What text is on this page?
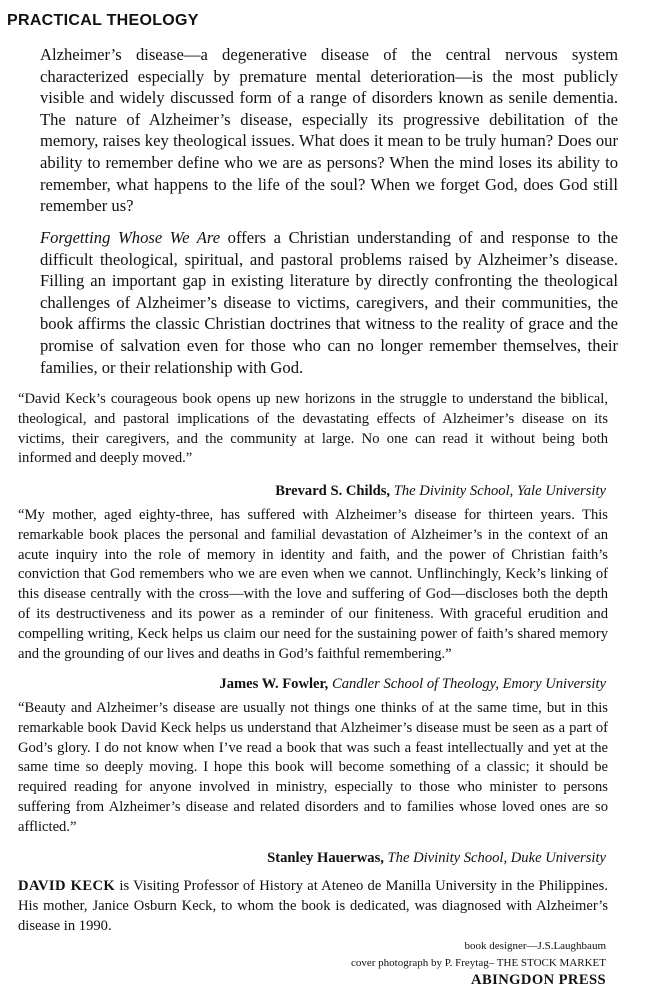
PRACTICAL THEOLOGY

Alzheimer’s disease—a degenerative disease of the central nervous system characterized especially by premature mental deterioration—is the most publicly visible and widely discussed form of a range of disorders known as senile dementia. The nature of Alzheimer’s disease, especially its progressive debilitation of the memory, raises key theological issues. What does it mean to be truly human? Does our ability to remember define who we are as persons? When the mind loses its ability to remember, what happens to the life of the soul? When we forget God, does God still remember us?

Forgetting Whose We Are offers a Christian understanding of and response to the difficult theological, spiritual, and pastoral problems raised by Alzheimer’s disease. Filling an important gap in existing literature by directly confronting the theological challenges of Alzheimer’s disease to victims, caregivers, and their communities, the book affirms the classic Christian doctrines that witness to the reality of grace and the promise of salvation even for those who can no longer remember themselves, their families, or their relationship with God.

“David Keck’s courageous book opens up new horizons in the struggle to understand the biblical, theological, and pastoral implications of the devastating effects of Alzheimer’s disease on its victims, their caregivers, and the community at large. No one can read it without being both informed and deeply moved.”

Brevard S. Childs, The Divinity School, Yale University

“My mother, aged eighty-three, has suffered with Alzheimer’s disease for thirteen years. This remarkable book places the personal and familial devastation of Alzheimer’s in the context of an acute inquiry into the role of memory in identity and faith, and the power of Christian faith’s conviction that God remembers who we are even when we cannot. Unflinchingly, Keck’s linking of this disease centrally with the cross—with the love and suffering of God—discloses both the depth of its destructiveness and its power as a reminder of our finiteness. With graceful erudition and compelling writing, Keck helps us claim our need for the sustaining power of faith’s shared memory and the grounding of our lives and deaths in God’s faithful remembering.”

James W. Fowler, Candler School of Theology, Emory University

“Beauty and Alzheimer’s disease are usually not things one thinks of at the same time, but in this remarkable book David Keck helps us understand that Alzheimer’s disease must be seen as a part of God’s glory. I do not know when I’ve read a book that was such a feast intellectually and yet at the same time so deeply moving. I hope this book will become something of a classic; it should be required reading for anyone involved in ministry, especially to those who minister to persons suffering from Alzheimer’s disease and related disorders and to families whose loved ones are so afflicted.”

Stanley Hauerwas, The Divinity School, Duke University

DAVID KECK is Visiting Professor of History at Ateneo de Manilla University in the Philippines. His mother, Janice Osburn Keck, to whom the book is dedicated, was diagnosed with Alzheimer’s disease in 1990.

book designer—J.S.Laughbaum
cover photograph by P. Freytag– THE STOCK MARKET
ABINGDON PRESS
